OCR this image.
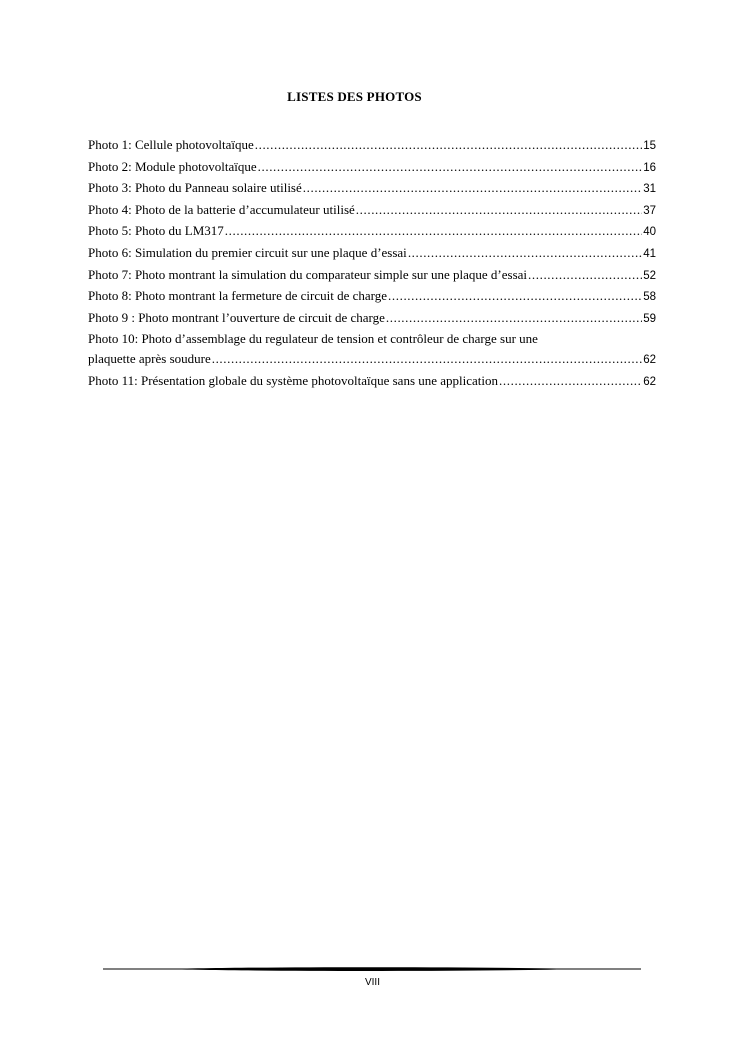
LISTES DES PHOTOS
Photo 1: Cellule photovoltaïque .....	15
Photo 2: Module photovoltaïque .....	16
Photo 3: Photo du Panneau solaire utilisé .....	31
Photo 4: Photo de la batterie d’accumulateur utilisé .....	37
Photo 5: Photo du LM317 .....	40
Photo 6: Simulation du premier circuit sur une plaque d’essai .....	41
Photo 7: Photo montrant la simulation du comparateur simple sur une plaque d’essai .....	52
Photo 8: Photo montrant la fermeture de circuit de charge .....	58
Photo 9 : Photo montrant l’ouverture de circuit de charge .....	59
Photo 10: Photo d’assemblage du regulateur de tension et contrôleur de charge sur une
plaquette après soudure .....	62
Photo 11: Présentation globale du système photovoltaïque sans une application .....	62
VIII
